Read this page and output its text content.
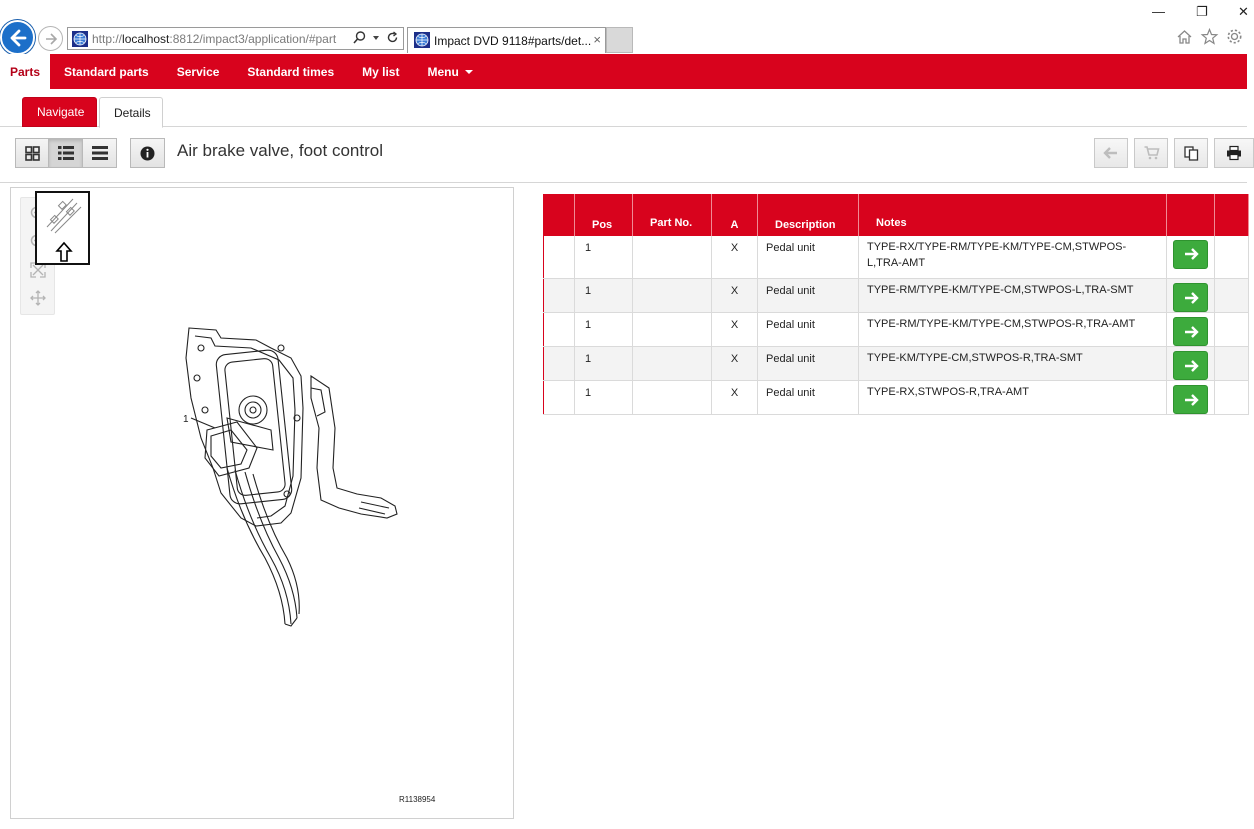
— ❐ ✕
http://localhost:8812/impact3/application/#part	Impact DVD 9118#parts/det... ×
Parts	Standard parts	Service	Standard times	My list	Menu
Navigate	Details
Air brake valve, foot control
1
R1138954
	Pos	Part No.	A	Description	Notes		
	1		X	Pedal unit	TYPE-RX/TYPE-RM/TYPE-KM/TYPE-CM,STWPOS-L,TRA-AMT	

	1		X	Pedal unit	TYPE-RM/TYPE-KM/TYPE-CM,STWPOS-L,TRA-SMT	

	1		X	Pedal unit	TYPE-RM/TYPE-KM/TYPE-CM,STWPOS-R,TRA-AMT	

	1		X	Pedal unit	TYPE-KM/TYPE-CM,STWPOS-R,TRA-SMT	

	1		X	Pedal unit	TYPE-RX,STWPOS-R,TRA-AMT	
